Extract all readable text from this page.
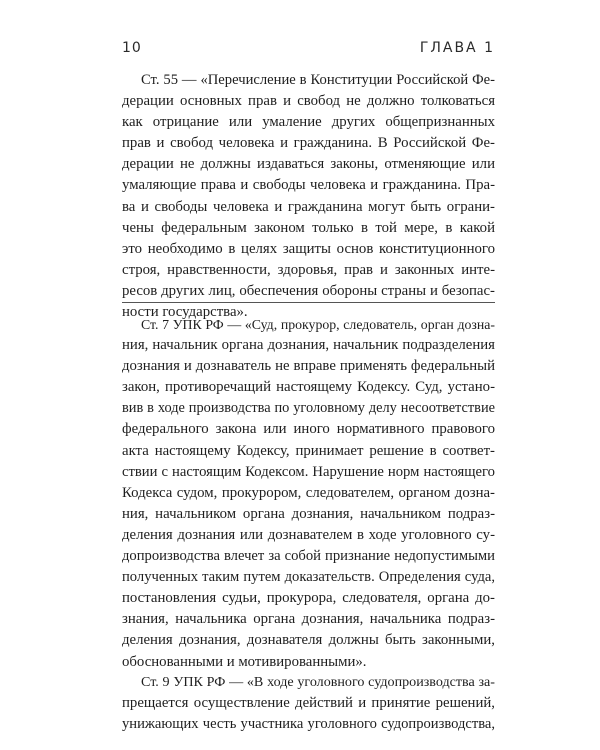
10	ГЛАВА 1
Ст. 55 — «Перечисление в Конституции Российской Фе-
дерации основных прав и свобод не должно толковаться
как отрицание или умаление других общепризнанных
прав и свобод человека и гражданина. В Российской Фе-
дерации не должны издаваться законы, отменяющие или
умаляющие права и свободы человека и гражданина. Пра-
ва и свободы человека и гражданина могут быть ограни-
чены федеральным законом только в той мере, в какой
это необходимо в целях защиты основ конституционного
строя, нравственности, здоровья, прав и законных инте-
ресов других лиц, обеспечения обороны страны и безопас-
ности государства».
Ст. 7 УПК РФ — «Суд, прокурор, следователь, орган дозна-
ния, начальник органа дознания, начальник подразделения
дознания и дознаватель не вправе применять федеральный
закон, противоречащий настоящему Кодексу. Суд, устано-
вив в ходе производства по уголовному делу несоответствие
федерального закона или иного нормативного правового
акта настоящему Кодексу, принимает решение в соответ-
ствии с настоящим Кодексом. Нарушение норм настоящего
Кодекса судом, прокурором, следователем, органом дозна-
ния, начальником органа дознания, начальником подраз-
деления дознания или дознавателем в ходе уголовного су-
допроизводства влечет за собой признание недопустимыми
полученных таким путем доказательств. Определения суда,
постановления судьи, прокурора, следователя, органа до-
знания, начальника органа дознания, начальника подраз-
деления дознания, дознавателя должны быть законными,
обоснованными и мотивированными».
Ст. 9 УПК РФ — «В ходе уголовного судопроизводства за-
прещается осуществление действий и принятие решений,
унижающих честь участника уголовного судопроизводства,
